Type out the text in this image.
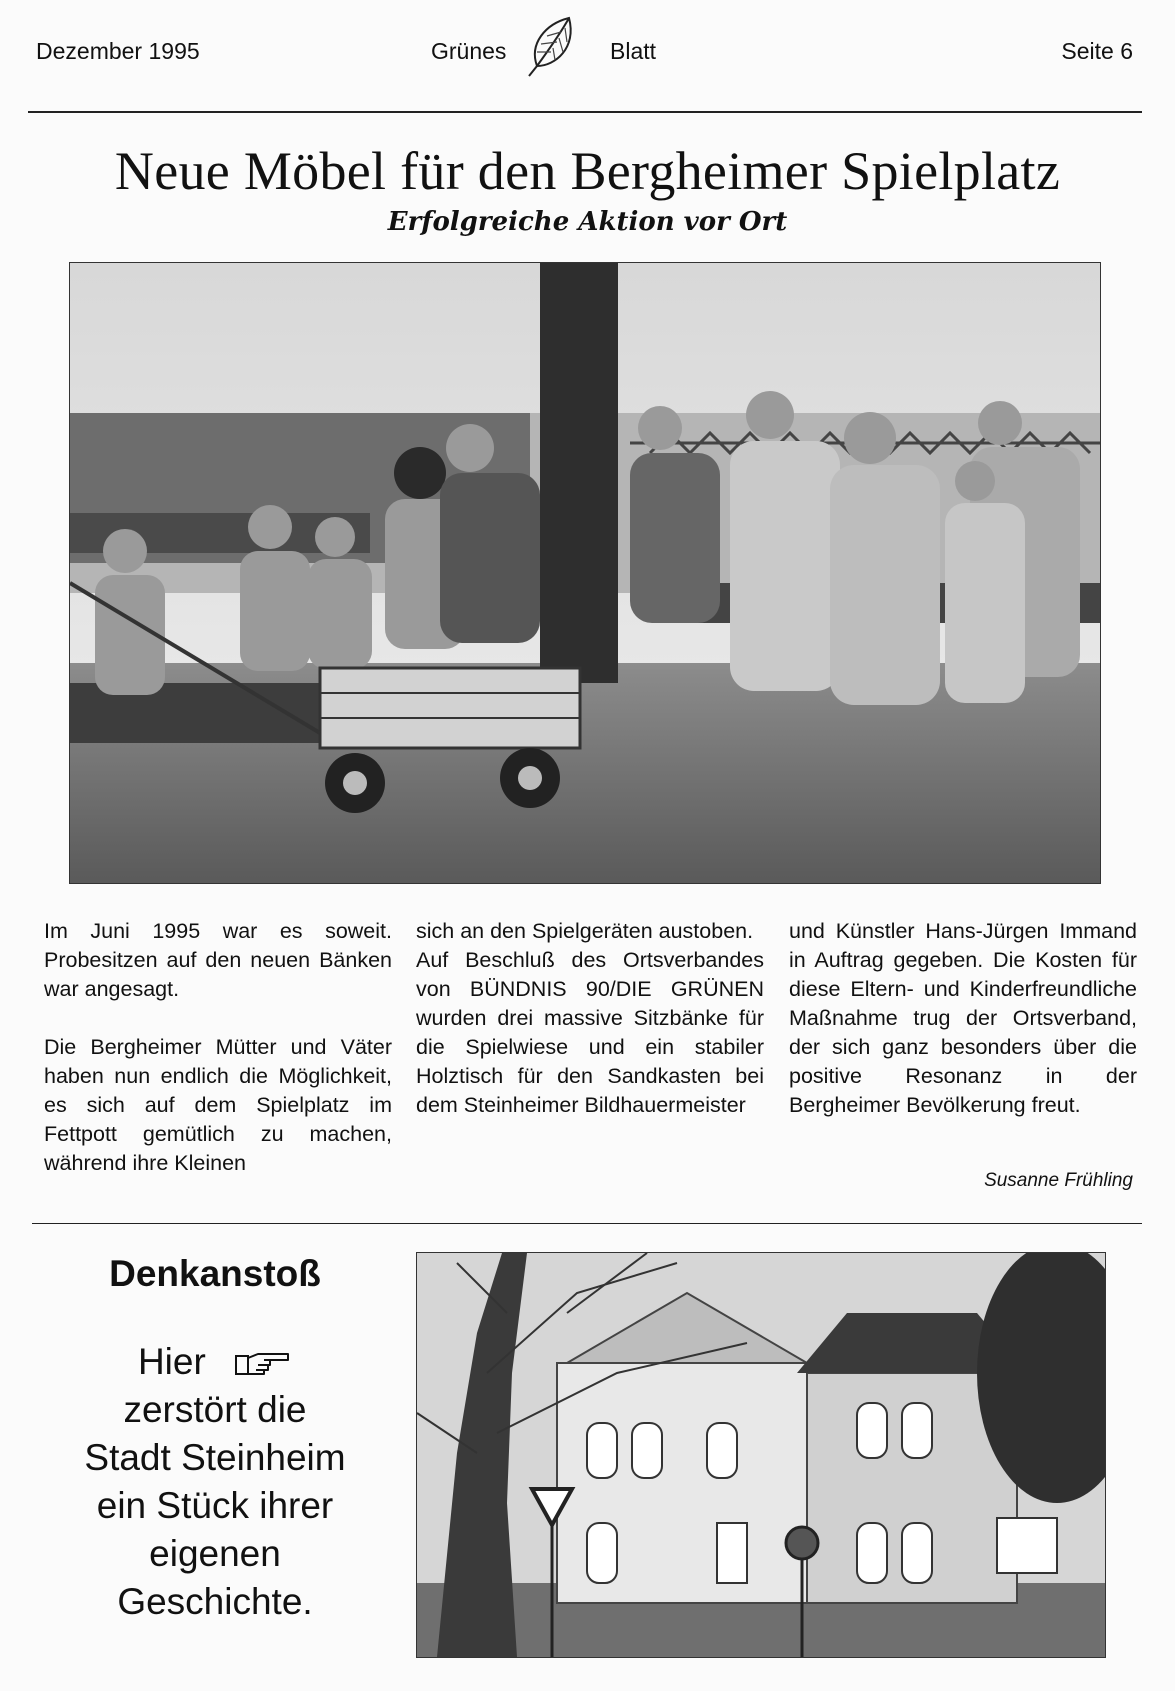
Dezember 1995	Grünes	Blatt	Seite 6
Neue Möbel für den Bergheimer Spielplatz
Erfolgreiche Aktion vor Ort

Im Juni 1995 war es soweit. Probesitzen auf den neuen Bänken war angesagt.

Die Bergheimer Mütter und Väter haben nun endlich die Möglichkeit, es sich auf dem Spielplatz im Fettpott gemütlich zu machen, während ihre Kleinen

sich an den Spielgeräten austoben.

Auf Beschluß des Ortsverbandes von BÜNDNIS 90/DIE GRÜNEN wurden drei massive Sitzbänke für die Spielwiese und ein stabiler Holztisch für den Sandkasten bei dem Steinheimer Bildhauermeister

und Künstler Hans-Jürgen Immand in Auftrag gegeben. Die Kosten für diese Eltern- und Kinderfreundliche Maßnahme trug der Ortsverband, der sich ganz besonders über die positive Resonanz in der Bergheimer Bevölkerung freut.

Susanne Frühling
Denkanstoß
Hier
zerstört die
Stadt Steinheim
ein Stück ihrer
eigenen
Geschichte.
